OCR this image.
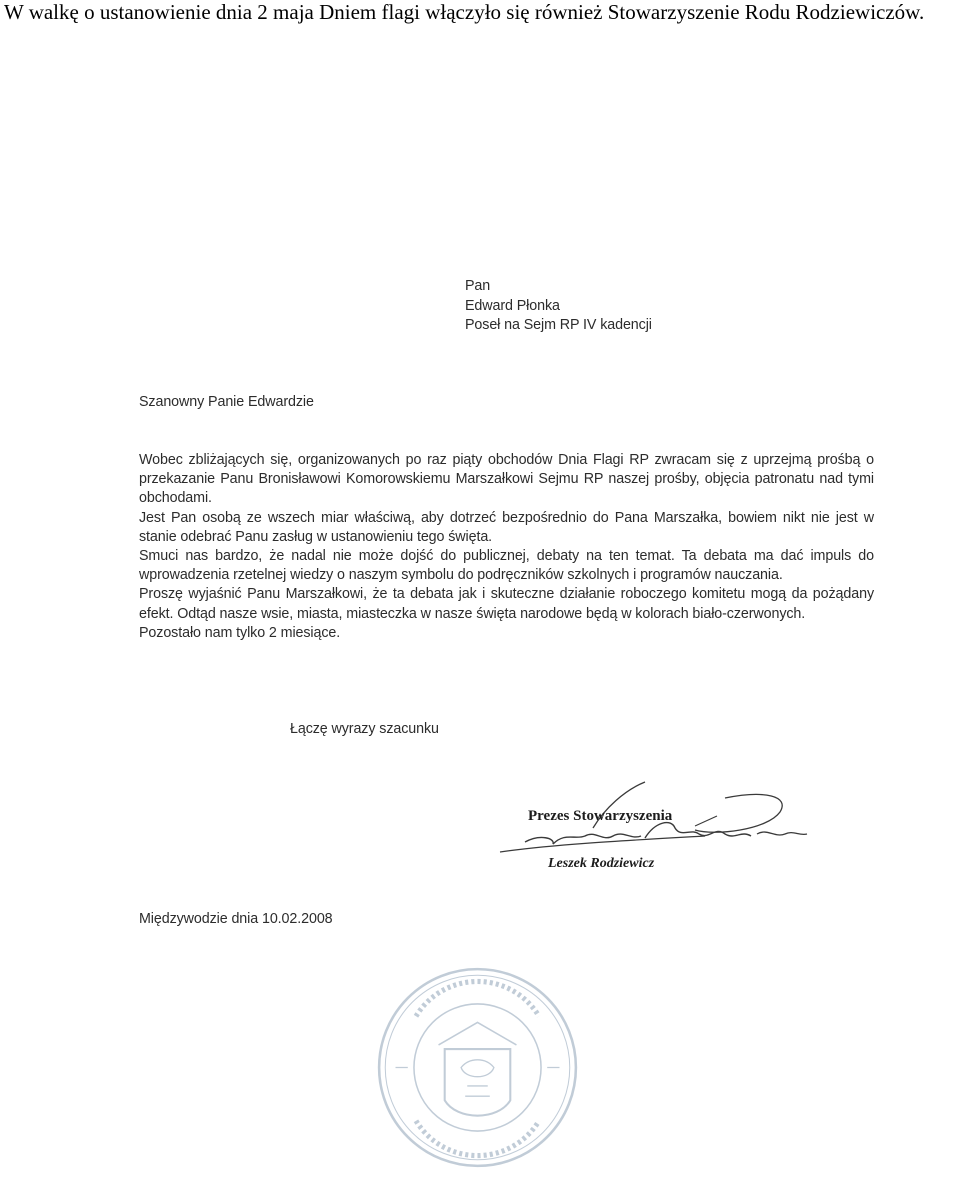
W walkę o ustanowienie dnia 2 maja Dniem flagi włączyło się również Stowarzyszenie Rodu Rodziewiczów.
Pan
Edward Płonka
Poseł na Sejm RP IV kadencji
Szanowny Panie Edwardzie
Wobec zbliżających się, organizowanych po raz piąty obchodów Dnia Flagi RP zwracam się z uprzejmą prośbą o przekazanie Panu Bronisławowi Komorowskiemu Marszałkowi Sejmu RP naszej prośby, objęcia patronatu nad tymi obchodami.
Jest Pan osobą ze wszech miar właściwą, aby dotrzeć bezpośrednio do Pana Marszałka, bowiem nikt nie jest w stanie odebrać Panu zasług w ustanowieniu tego święta.
Smuci nas bardzo, że nadal nie może dojść do publicznej, debaty na ten temat. Ta debata ma dać impuls do wprowadzenia rzetelnej wiedzy o naszym symbolu do podręczników szkolnych i programów nauczania.
Proszę wyjaśnić Panu Marszałkowi, że ta debata jak i skuteczne działanie roboczego komitetu mogą da pożądany efekt. Odtąd nasze wsie, miasta, miasteczka w nasze święta narodowe będą w kolorach biało-czerwonych.
Pozostało nam tylko 2 miesiące.
Łączę wyrazy szacunku
Prezes Stowarzyszenia
Leszek Rodziewicz
Międzywodzie dnia 10.02.2008
